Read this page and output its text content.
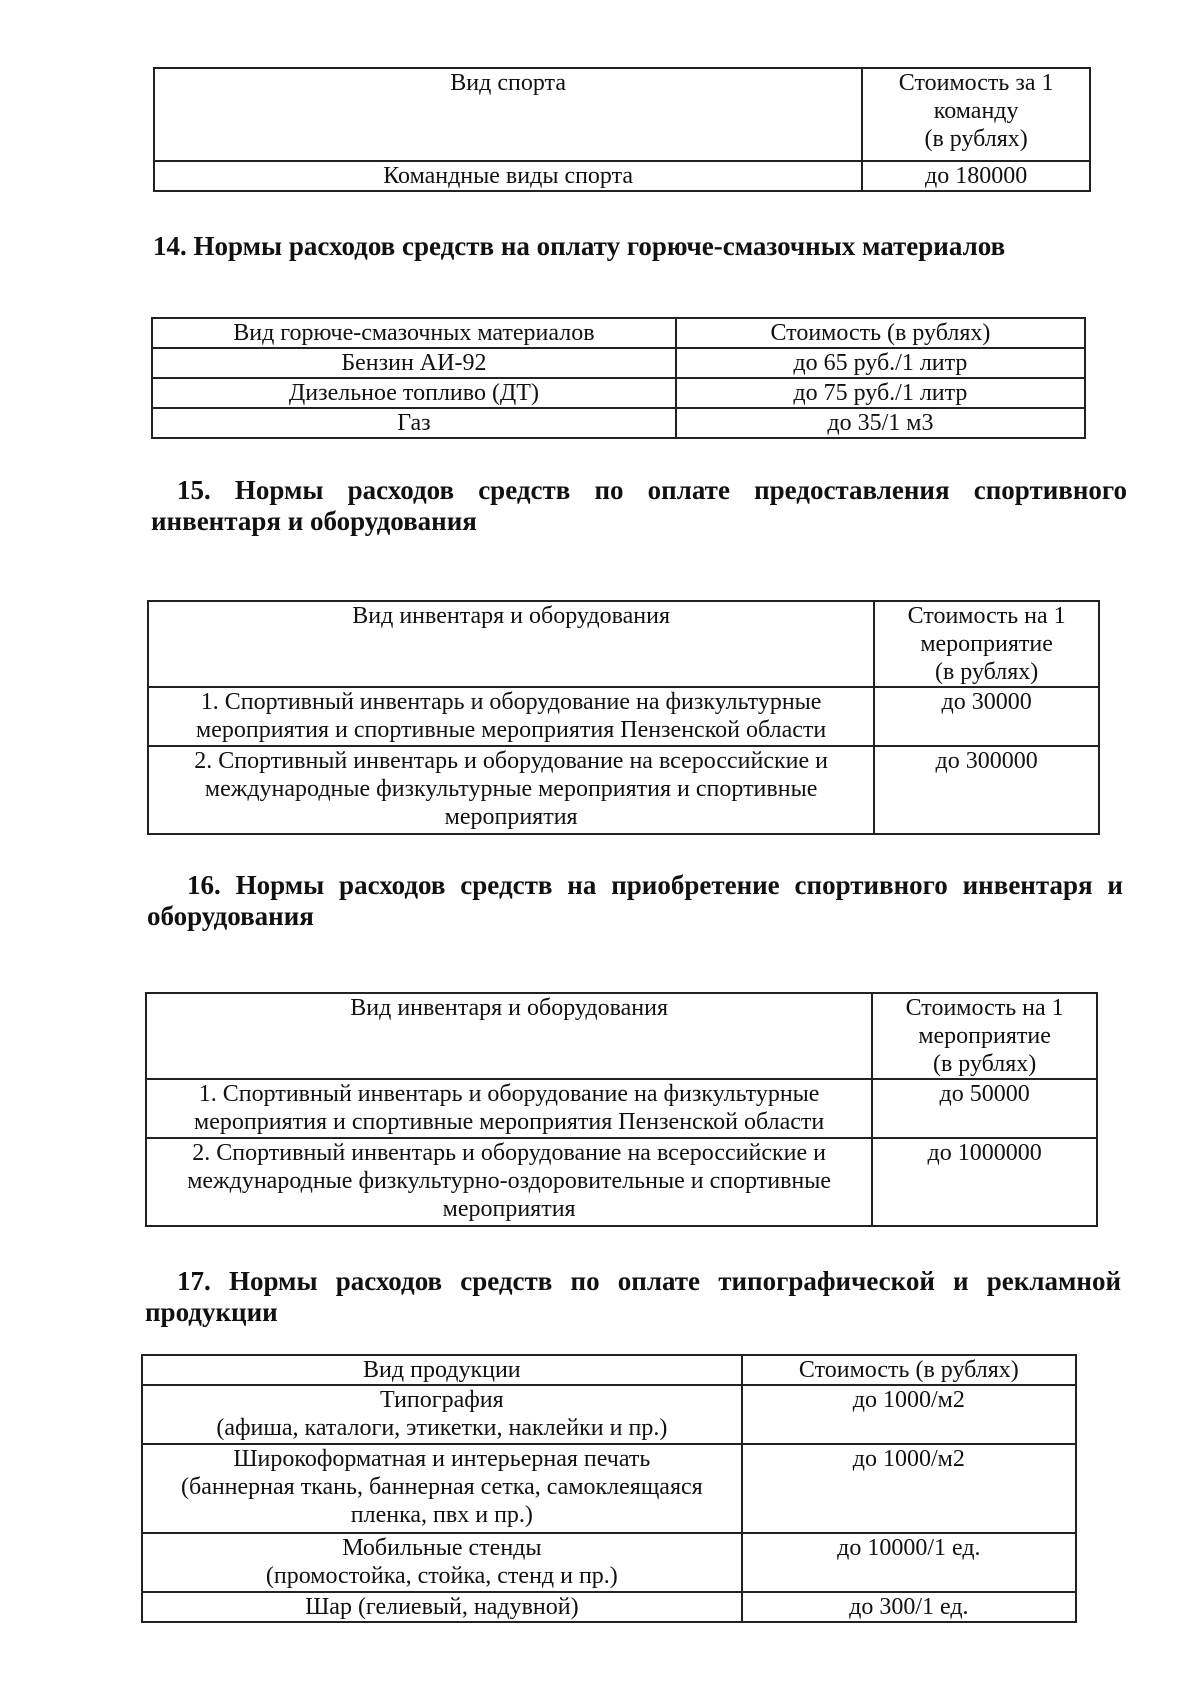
Вид спорта	Стоимость за 1
команду
(в рублях)
Командные виды спорта	до 180000

14. Нормы расходов средств на оплату горюче-смазочных материалов

Вид горюче-смазочных материалов	Стоимость (в рублях)
Бензин АИ-92	до 65 руб./1 литр
Дизельное топливо (ДТ)	до 75 руб./1 литр
Газ	до 35/1 м3

15. Нормы расходов средств по оплате предоставления спортивного инвентаря и оборудования

Вид инвентаря и оборудования	Стоимость на 1
мероприятие
(в рублях)
1. Спортивный инвентарь и оборудование на физкультурные
мероприятия и спортивные мероприятия Пензенской области	до 30000
2. Спортивный инвентарь и оборудование на всероссийские и
международные физкультурные мероприятия и спортивные
мероприятия	до 300000

16. Нормы расходов средств на приобретение спортивного инвентаря и оборудования

Вид инвентаря и оборудования	Стоимость на 1
мероприятие
(в рублях)
1. Спортивный инвентарь и оборудование на физкультурные
мероприятия и спортивные мероприятия Пензенской области	до 50000
2. Спортивный инвентарь и оборудование на всероссийские и
международные физкультурно-оздоровительные и спортивные
мероприятия	до 1000000

17. Нормы расходов средств по оплате типографической и рекламной продукции

Вид продукции	Стоимость (в рублях)
Типография
(афиша, каталоги, этикетки, наклейки и пр.)	до 1000/м2
Широкоформатная и интерьерная печать
(баннерная ткань, баннерная сетка, самоклеящаяся
пленка, пвх и пр.)	до 1000/м2
Мобильные стенды
(промостойка, стойка, стенд и пр.)	до 10000/1 ед.
Шар (гелиевый, надувной)	до 300/1 ед.
